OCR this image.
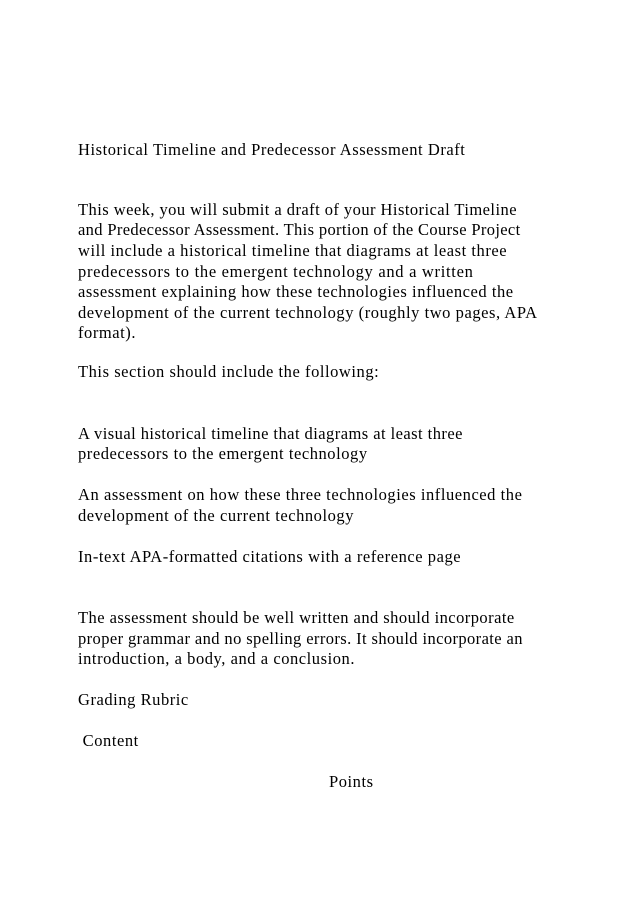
Historical Timeline and Predecessor Assessment Draft

This week, you will submit a draft of your Historical Timeline

and Predecessor Assessment. This portion of the Course Project

will include a historical timeline that diagrams at least three

predecessors to the emergent technology and a written

assessment explaining how these technologies influenced the

development of the current technology (roughly two pages, APA

format).

This section should include the following:

A visual historical timeline that diagrams at least three

predecessors to the emergent technology

An assessment on how these three technologies influenced the

development of the current technology

In-text APA-formatted citations with a reference page

The assessment should be well written and should incorporate

proper grammar and no spelling errors. It should incorporate an

introduction, a body, and a conclusion.

Grading Rubric

Content

Points
